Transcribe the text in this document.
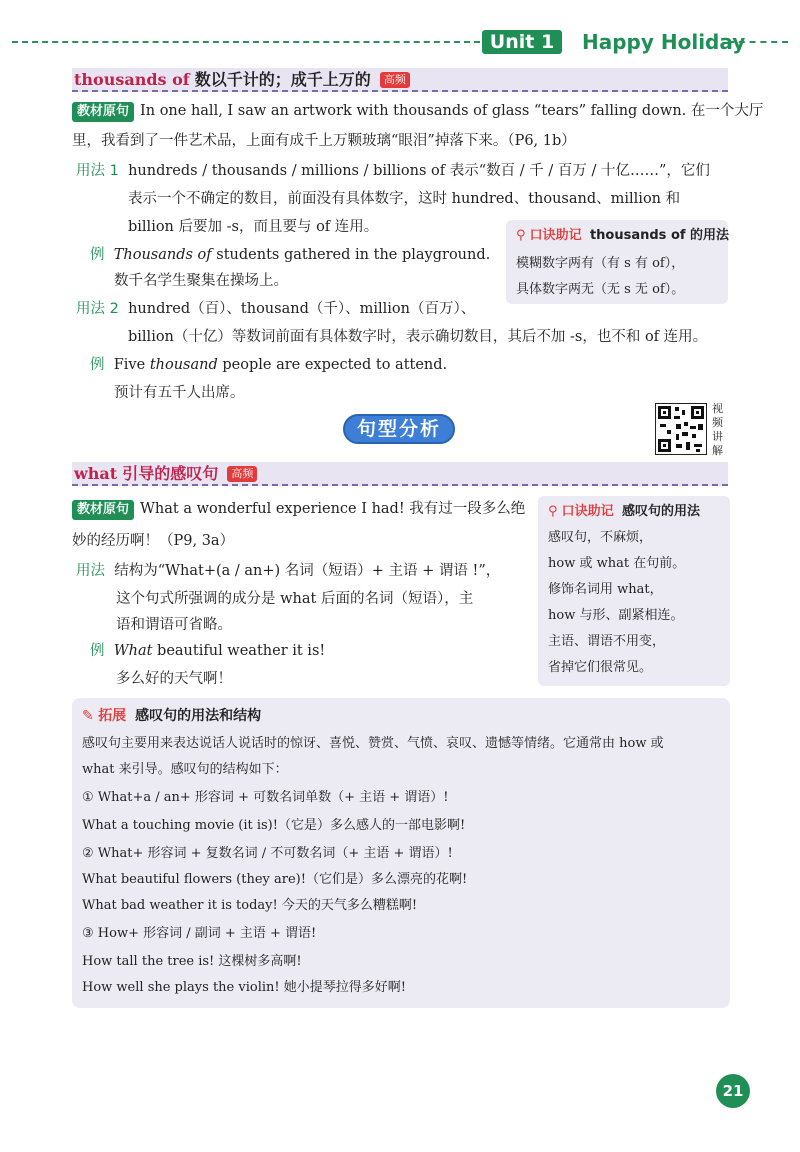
Unit 1	Happy Holiday
thousands of 数以千计的；成千上万的 高频
教材原句 In one hall, I saw an artwork with thousands of glass “tears” falling down. 在一个大厅
里，我看到了一件艺术品，上面有成千上万颗玻璃“眼泪”掉落下来。（P6, 1b）
用法 1 hundreds / thousands / millions / billions of 表示“数百 / 千 / 百万 / 十亿……”，它们
表示一个不确定的数目，前面没有具体数字，这时 hundred、thousand、million 和
billion 后要加 -s，而且要与 of 连用。
例 Thousands of students gathered in the playground.
数千名学生聚集在操场上。
⚲ 口诀助记 thousands of 的用法
模糊数字两有（有 s 有 of），
具体数字两无（无 s 无 of）。
用法 2 hundred（百）、thousand（千）、million（百万）、
billion（十亿）等数词前面有具体数字时，表示确切数目，其后不加 -s，也不和 of 连用。
例 Five thousand people are expected to attend.
预计有五千人出席。
句型分析
视频讲解
what 引导的感叹句 高频
教材原句 What a wonderful experience I had! 我有过一段多么绝
妙的经历啊！（P9, 3a）
用法 结构为“What+(a / an+) 名词（短语）+ 主语 + 谓语 !”，
这个句式所强调的成分是 what 后面的名词（短语），主
语和谓语可省略。
例 What beautiful weather it is!
多么好的天气啊！
⚲ 口诀助记 感叹句的用法
感叹句，不麻烦，
how 或 what 在句前。
修饰名词用 what，
how 与形、副紧相连。
主语、谓语不用变，
省掉它们很常见。
✎ 拓展 感叹句的用法和结构
感叹句主要用来表达说话人说话时的惊讶、喜悦、赞赏、气愤、哀叹、遗憾等情绪。它通常由 how 或
what 来引导。感叹句的结构如下：
① What+a / an+ 形容词 + 可数名词单数（+ 主语 + 谓语）!
What a touching movie (it is)!（它是）多么感人的一部电影啊!
② What+ 形容词 + 复数名词 / 不可数名词（+ 主语 + 谓语）!
What beautiful flowers (they are)!（它们是）多么漂亮的花啊!
What bad weather it is today! 今天的天气多么糟糕啊!
③ How+ 形容词 / 副词 + 主语 + 谓语!
How tall the tree is! 这棵树多高啊!
How well she plays the violin! 她小提琴拉得多好啊!
21
